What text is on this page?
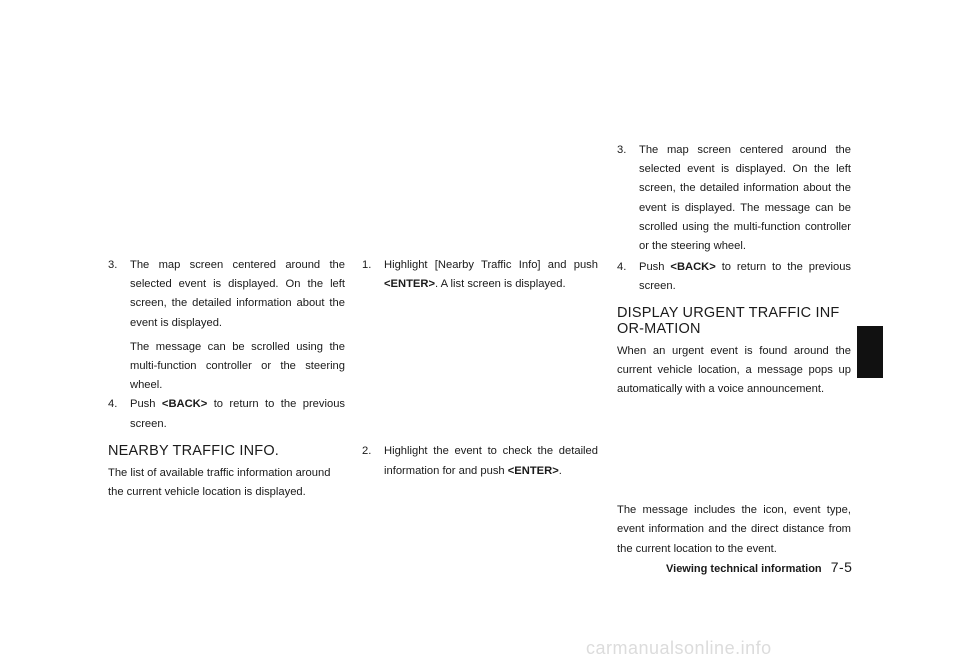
3. The map screen centered around the selected event is displayed. On the left screen, the detailed information about the event is displayed.

The message can be scrolled using the multi-function controller or the steering wheel.

4. Push <BACK> to return to the previous screen.

NEARBY TRAFFIC INFO.

The list of available traffic information around the current vehicle location is displayed.

1. Highlight [Nearby Traffic Info] and push <ENTER>. A list screen is displayed.

2. Highlight the event to check the detailed information for and push <ENTER>.

3. The map screen centered around the selected event is displayed. On the left screen, the detailed information about the event is displayed. The message can be scrolled using the multi-function controller or the steering wheel.

4. Push <BACK> to return to the previous screen.

DISPLAY URGENT TRAFFIC INFOR-MATION

When an urgent event is found around the current vehicle location, a message pops up automatically with a voice announcement.

The message includes the icon, event type, event information and the direct distance from the current location to the event.

Viewing technical information 7-5
carmanualsonline.info
